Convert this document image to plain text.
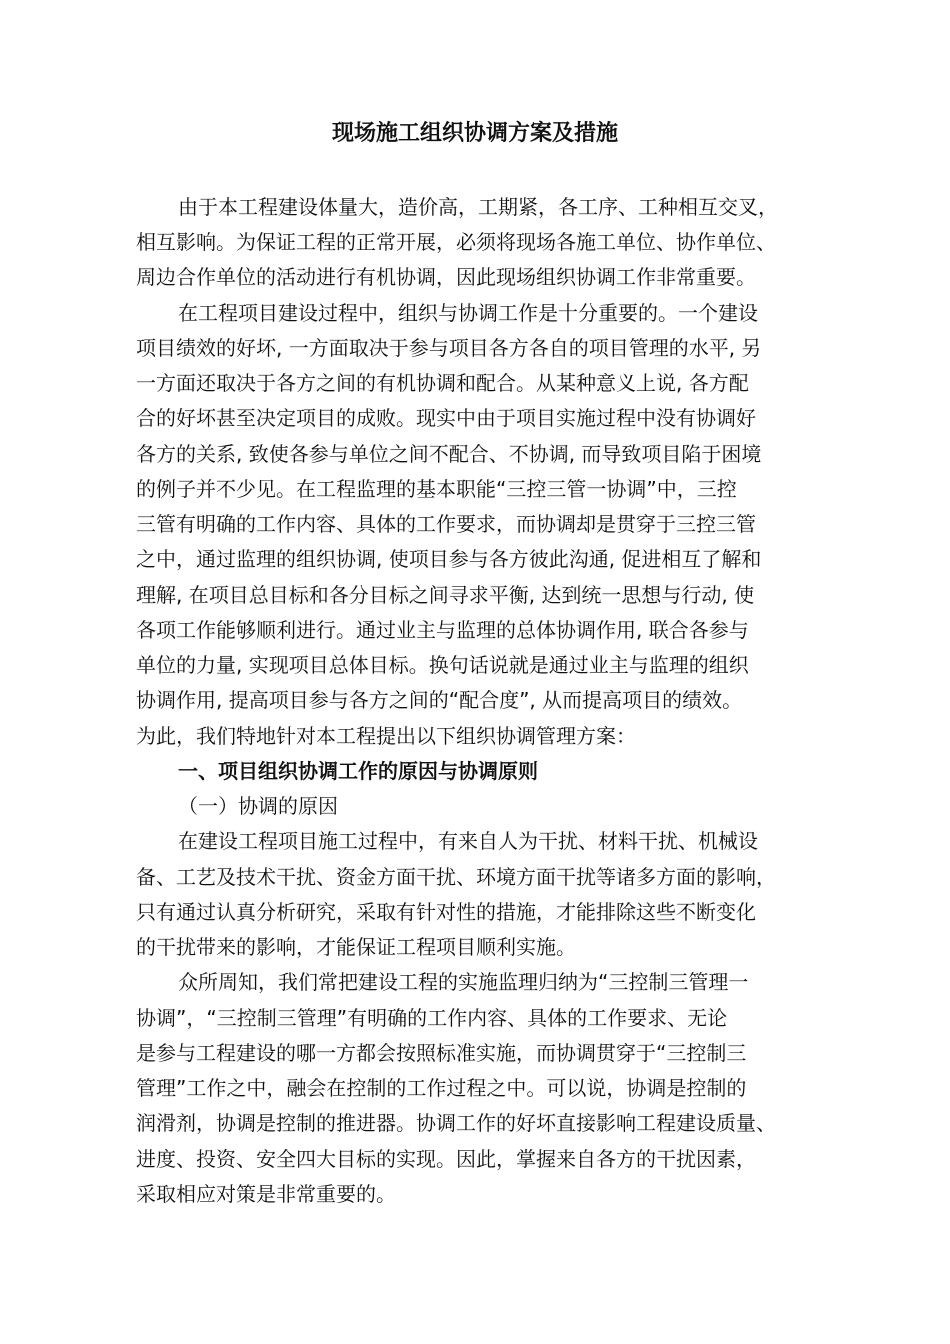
现场施工组织协调方案及措施

由于本工程建设体量大，造价高，工期紧，各工序、工种相互交叉，

相互影响。为保证工程的正常开展，必须将现场各施工单位、协作单位、

周边合作单位的活动进行有机协调，因此现场组织协调工作非常重要。

在工程项目建设过程中，组织与协调工作是十分重要的。一个建设

项目绩效的好坏, 一方面取决于参与项目各方各自的项目管理的水平, 另

一方面还取决于各方之间的有机协调和配合。从某种意义上说, 各方配

合的好坏甚至决定项目的成败。现实中由于项目实施过程中没有协调好

各方的关系, 致使各参与单位之间不配合、不协调, 而导致项目陷于困境

的例子并不少见。在工程监理的基本职能“三控三管一协调”中，三控

三管有明确的工作内容、具体的工作要求，而协调却是贯穿于三控三管

之中，通过监理的组织协调, 使项目参与各方彼此沟通, 促进相互了解和

理解, 在项目总目标和各分目标之间寻求平衡, 达到统一思想与行动, 使

各项工作能够顺利进行。通过业主与监理的总体协调作用, 联合各参与

单位的力量, 实现项目总体目标。换句话说就是通过业主与监理的组织

协调作用, 提高项目参与各方之间的“配合度”, 从而提高项目的绩效。

为此，我们特地针对本工程提出以下组织协调管理方案：

一、项目组织协调工作的原因与协调原则

（一）协调的原因

在建设工程项目施工过程中，有来自人为干扰、材料干扰、机械设

备、工艺及技术干扰、资金方面干扰、环境方面干扰等诸多方面的影响，

只有通过认真分析研究，采取有针对性的措施，才能排除这些不断变化

的干扰带来的影响，才能保证工程项目顺利实施。

众所周知，我们常把建设工程的实施监理归纳为“三控制三管理一

协调”，“三控制三管理”有明确的工作内容、具体的工作要求、无论

是参与工程建设的哪一方都会按照标准实施，而协调贯穿于“三控制三

管理”工作之中，融会在控制的工作过程之中。可以说，协调是控制的

润滑剂，协调是控制的推进器。协调工作的好坏直接影响工程建设质量、

进度、投资、安全四大目标的实现。因此，掌握来自各方的干扰因素，

采取相应对策是非常重要的。
